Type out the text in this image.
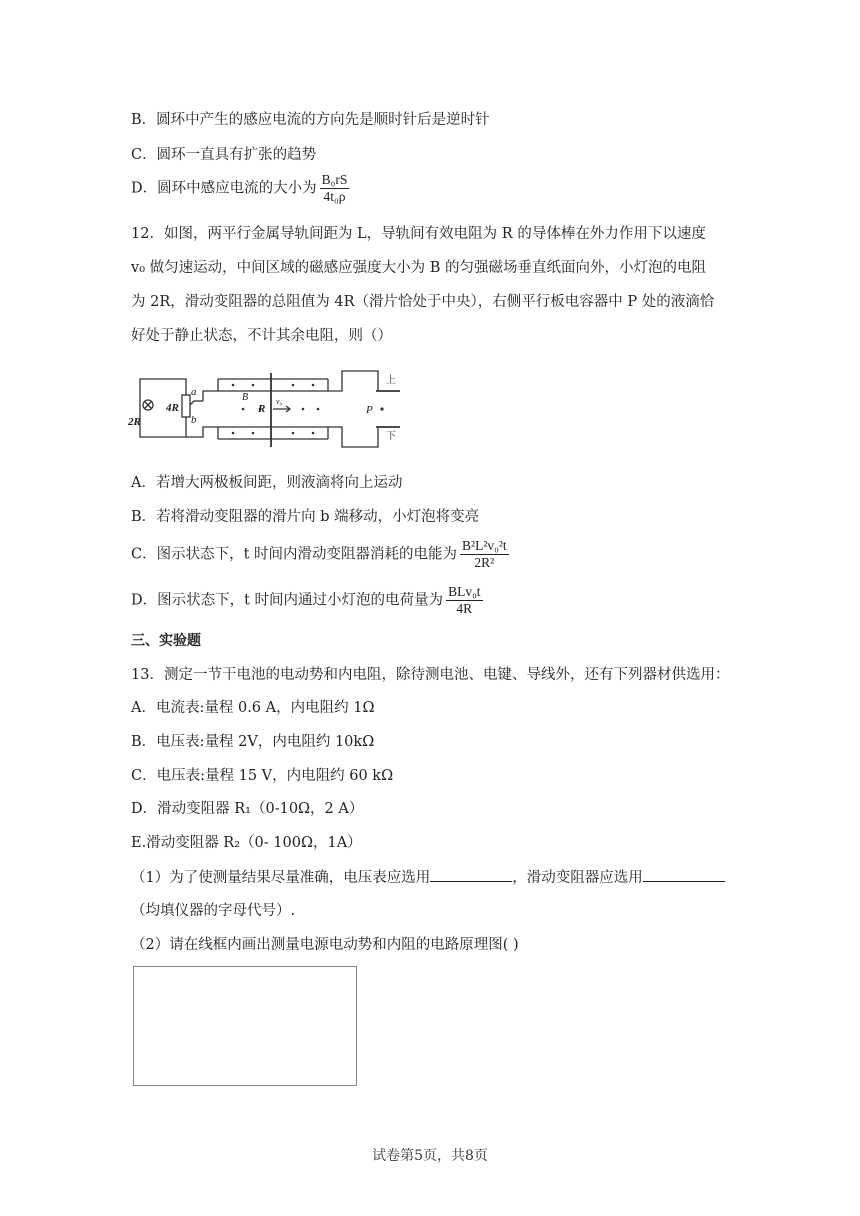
B．圆环中产生的感应电流的方向先是顺时针后是逆时针
C．圆环一直具有扩张的趋势
D．圆环中感应电流的大小为 $\frac{\text{B₀rS}}{\text{4t₀ρ}}$
12．如图，两平行金属导轨间距为 L，导轨间有效电阻为 R 的导体棒在外力作用下以速度
v₀ 做匀速运动，中间区域的磁感应强度大小为 B 的匀强磁场垂直纸面向外，小灯泡的电阻
为 2R，滑动变阻器的总阻值为 4R（滑片恰处于中央），右侧平行板电容器中 P 处的液滴恰
好处于静止状态，不计其余电阻，则（）
2R
4R
a
b
B
R
v₀
P
上
下
A．若增大两极板间距，则液滴将向上运动
B．若将滑动变阻器的滑片向 b 端移动，小灯泡将变亮
C．图示状态下，t 时间内滑动变阻器消耗的电能为 $\frac{\text{B²L²v₀²t}}{\text{2R²}}$
D．图示状态下，t 时间内通过小灯泡的电荷量为 $\frac{\text{BLv₀t}}{4R}$
三、实验题
13．测定一节干电池的电动势和内电阻，除待测电池、电键、导线外，还有下列器材供选用：
A．电流表:量程 0.6 A，内电阻约 1Ω
B．电压表:量程 2V，内电阻约 10kΩ
C．电压表:量程 15 V，内电阻约 60 kΩ
D．滑动变阻器 R₁（0-10Ω，2 A）
E.滑动变阻器 R₂（0- 100Ω，1A）
（1）为了使测量结果尽量准确，电压表应选用	，滑动变阻器应选用
（均填仪器的字母代号）.
（2）请在线框内画出测量电源电动势和内阻的电路原理图( )
试卷第5页，共8页
